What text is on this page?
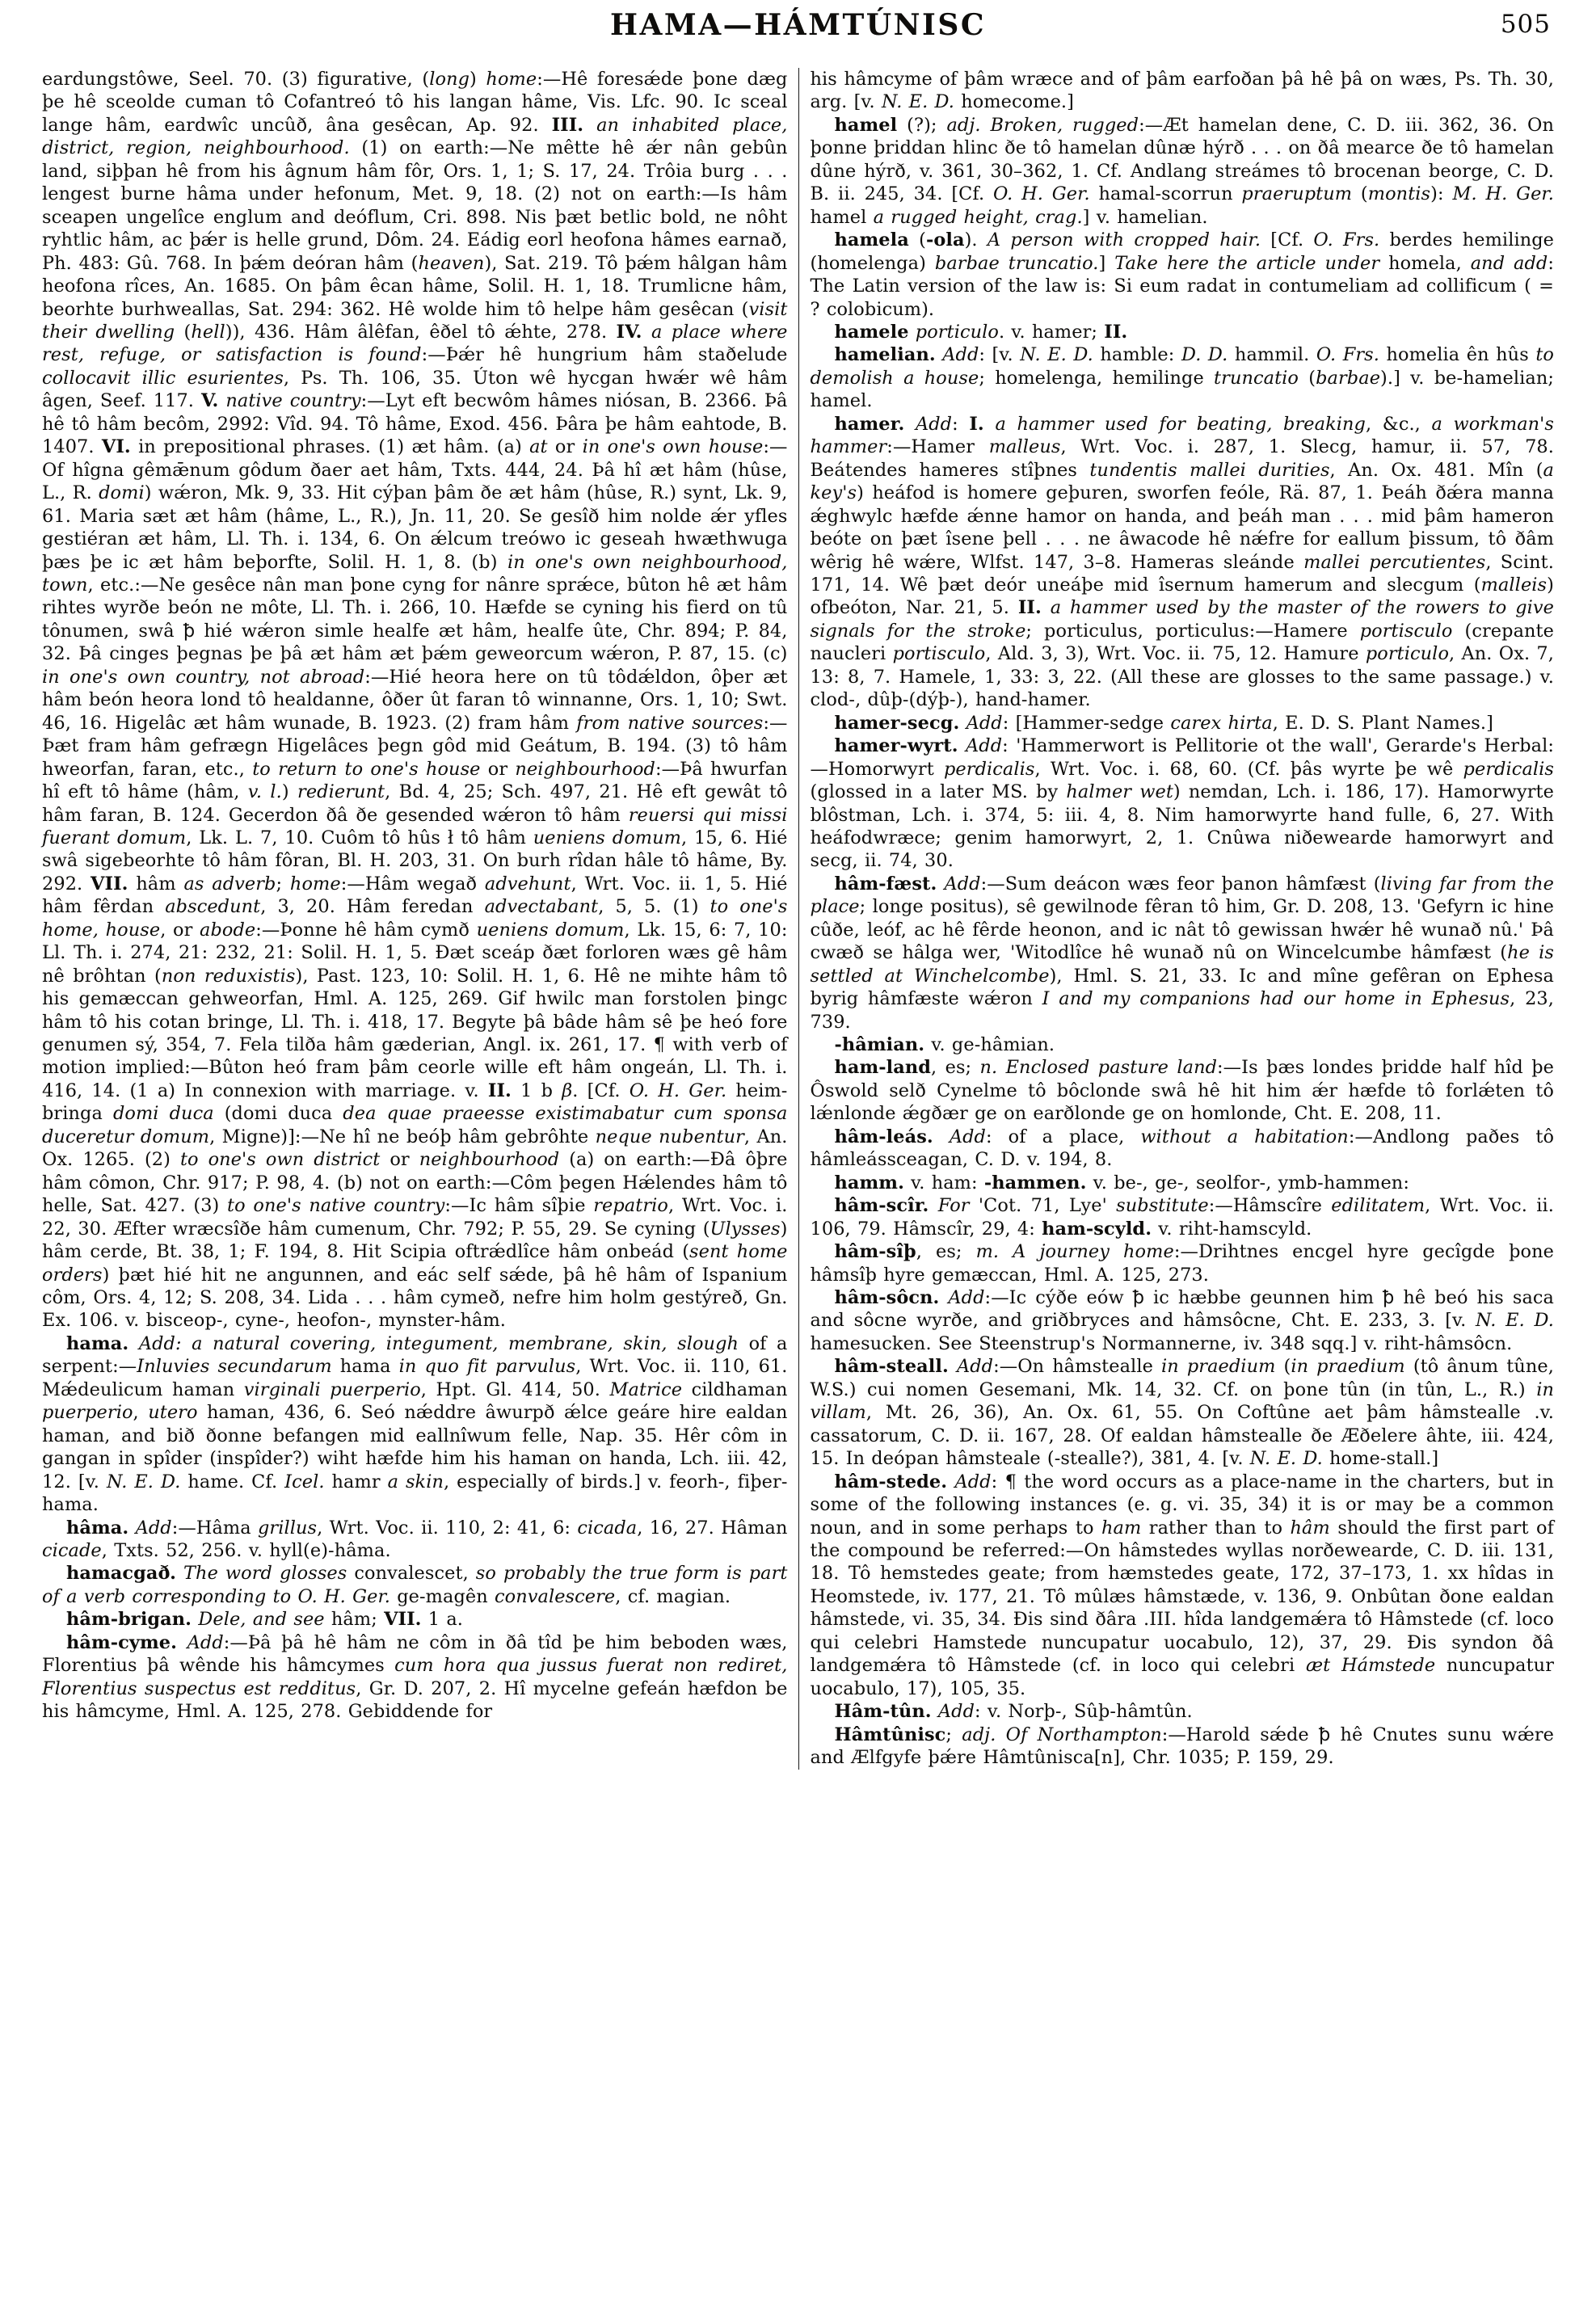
HAMA—HÁMTÚNISC	505

eardungstôwe, Seel. 70. (3) figurative, (long) home:—Hê foresǽde þone dæg þe hê sceolde cuman tô Cofantreó tô his langan hâme, Vis. Lfc. 90. Ic sceal lange hâm, eardwîc uncûð, âna gesêcan, Ap. 92. III. an inhabited place, district, region, neighbourhood. (1) on earth:—Ne mêtte hê ǽr nân gebûn land, siþþan hê from his âgnum hâm fôr, Ors. 1, 1; S. 17, 24. Trôia burg . . . lengest burne hâma under hefonum, Met. 9, 18. (2) not on earth:—Is hâm sceapen ungelîce englum and deóflum, Cri. 898. Nis þæt betlic bold, ne nôht ryhtlic hâm, ac þǽr is helle grund, Dôm. 24. Eádig eorl heofona hâmes earnað, Ph. 483: Gû. 768. In þǽm deóran hâm (heaven), Sat. 219. Tô þǽm hâlgan hâm heofona rîces, An. 1685. On þâm êcan hâme, Solil. H. 1, 18. Trumlicne hâm, beorhte burhweallas, Sat. 294: 362. Hê wolde him tô helpe hâm gesêcan (visit their dwelling (hell)), 436. Hâm âlêfan, êðel tô ǽhte, 278. IV. a place where rest, refuge, or satisfaction is found:—Þǽr hê hungrium hâm staðelude collocavit illic esurientes, Ps. Th. 106, 35. Úton wê hycgan hwǽr wê hâm âgen, Seef. 117. V. native country:—Lyt eft becwôm hâmes niósan, B. 2366. Þâ hê tô hâm becôm, 2992: Vîd. 94. Tô hâme, Exod. 456. Þâra þe hâm eahtode, B. 1407. VI. in prepositional phrases. (1) æt hâm. (a) at or in one's own house:—Of hîgna gêmǣnum gôdum ðaer aet hâm, Txts. 444, 24. Þâ hî æt hâm (hûse, L., R. domi) wǽron, Mk. 9, 33. Hit cýþan þâm ðe æt hâm (hûse, R.) synt, Lk. 9, 61. Maria sæt æt hâm (hâme, L., R.), Jn. 11, 20. Se gesîð him nolde ǽr yfles gestiéran æt hâm, Ll. Th. i. 134, 6. On ǽlcum treówo ic geseah hwæthwuga þæs þe ic æt hâm beþorfte, Solil. H. 1, 8. (b) in one's own neighbourhood, town, etc.:—Ne gesêce nân man þone cyng for nânre sprǽce, bûton hê æt hâm rihtes wyrðe beón ne môte, Ll. Th. i. 266, 10. Hæfde se cyning his fierd on tû tônumen, swâ ꝥ hié wǽron simle healfe æt hâm, healfe ûte, Chr. 894; P. 84, 32. Þâ cinges þegnas þe þâ æt hâm æt þǽm geweorcum wǽron, P. 87, 15. (c) in one's own country, not abroad:—Hié heora here on tû tôdǽldon, ôþer æt hâm beón heora lond tô healdanne, ôðer ût faran tô winnanne, Ors. 1, 10; Swt. 46, 16. Higelâc æt hâm wunade, B. 1923. (2) fram hâm from native sources:—Þæt fram hâm gefrægn Higelâces þegn gôd mid Geátum, B. 194. (3) tô hâm hweorfan, faran, etc., to return to one's house or neighbourhood:—Þâ hwurfan hî eft tô hâme (hâm, v. l.) redierunt, Bd. 4, 25; Sch. 497, 21. Hê eft gewât tô hâm faran, B. 124. Gecerdon ðâ ðe gesended wǽron tô hâm reuersi qui missi fuerant domum, Lk. L. 7, 10. Cuôm tô hûs ł tô hâm ueniens domum, 15, 6. Hié swâ sigebeorhte tô hâm fôran, Bl. H. 203, 31. On burh rîdan hâle tô hâme, By. 292. VII. hâm as adverb; home:—Hâm wegað advehunt, Wrt. Voc. ii. 1, 5. Hié hâm fêrdan abscedunt, 3, 20. Hâm feredan advectabant, 5, 5. (1) to one's home, house, or abode:—Þonne hê hâm cymð ueniens domum, Lk. 15, 6: 7, 10: Ll. Th. i. 274, 21: 232, 21: Solil. H. 1, 5. Ðæt sceáp ðæt forloren wæs gê hâm nê brôhtan (non reduxistis), Past. 123, 10: Solil. H. 1, 6. Hê ne mihte hâm tô his gemæccan gehweorfan, Hml. A. 125, 269. Gif hwilc man forstolen þingc hâm tô his cotan bringe, Ll. Th. i. 418, 17. Begyte þâ bâde hâm sê þe heó fore genumen sý, 354, 7. Fela tilða hâm gæderian, Angl. ix. 261, 17. ¶ with verb of motion implied:—Bûton heó fram þâm ceorle wille eft hâm ongeán, Ll. Th. i. 416, 14. (1 a) In connexion with marriage. v. II. 1 b β. [Cf. O. H. Ger. heim-bringa domi duca (domi duca dea quae praeesse existimabatur cum sponsa duceretur domum, Migne)]:—Ne hî ne beóþ hâm gebrôhte neque nubentur, An. Ox. 1265. (2) to one's own district or neighbourhood (a) on earth:—Ðâ ôþre hâm cômon, Chr. 917; P. 98, 4. (b) not on earth:—Côm þegen Hǽlendes hâm tô helle, Sat. 427. (3) to one's native country:—Ic hâm sîþie repatrio, Wrt. Voc. i. 22, 30. Æfter wræcsîðe hâm cumenum, Chr. 792; P. 55, 29. Se cyning (Ulysses) hâm cerde, Bt. 38, 1; F. 194, 8. Hit Scipia oftrǽdlîce hâm onbeád (sent home orders) þæt hié hit ne angunnen, and eác self sǽde, þâ hê hâm of Ispanium côm, Ors. 4, 12; S. 208, 34. Lida . . . hâm cymeð, nefre him holm gestýreð, Gn. Ex. 106. v. bisceop-, cyne-, heofon-, mynster-hâm.

hama. Add: a natural covering, integument, membrane, skin, slough of a serpent:—Inluvies secundarum hama in quo fit parvulus, Wrt. Voc. ii. 110, 61. Mǽdeulicum haman virginali puerperio, Hpt. Gl. 414, 50. Matrice cildhaman puerperio, utero haman, 436, 6. Seó nǽddre âwurpð ǽlce geáre hire ealdan haman, and bið ðonne befangen mid eallnîwum felle, Nap. 35. Hêr côm in gangan in spîder (inspîder?) wiht hæfde him his haman on handa, Lch. iii. 42, 12. [v. N. E. D. hame. Cf. Icel. hamr a skin, especially of birds.] v. feorh-, fiþer-hama.

hâma. Add:—Hâma grillus, Wrt. Voc. ii. 110, 2: 41, 6: cicada, 16, 27. Hâman cicade, Txts. 52, 256. v. hyll(e)-hâma.

hamacgað. The word glosses convalescet, so probably the true form is part of a verb corresponding to O. H. Ger. ge-magên convalescere, cf. magian.

hâm-brigan. Dele, and see hâm; VII. 1 a.

hâm-cyme. Add:—Þâ þâ hê hâm ne côm in ðâ tîd þe him beboden wæs, Florentius þâ wênde his hâmcymes cum hora qua jussus fuerat non rediret, Florentius suspectus est redditus, Gr. D. 207, 2. Hî mycelne gefeán hæfdon be his hâmcyme, Hml. A. 125, 278. Gebiddende for

his hâmcyme of þâm wræce and of þâm earfoðan þâ hê þâ on wæs, Ps. Th. 30, arg. [v. N. E. D. homecome.]

hamel (?); adj. Broken, rugged:—Æt hamelan dene, C. D. iii. 362, 36. On þonne þriddan hlinc ðe tô hamelan dûnæ hýrð . . . on ðâ mearce ðe tô hamelan dûne hýrð, v. 361, 30–362, 1. Cf. Andlang streámes tô brocenan beorge, C. D. B. ii. 245, 34. [Cf. O. H. Ger. hamal-scorrun praeruptum (montis): M. H. Ger. hamel a rugged height, crag.] v. hamelian.

hamela (-ola). A person with cropped hair. [Cf. O. Frs. berdes hemilinge (homelenga) barbae truncatio.] Take here the article under homela, and add: The Latin version of the law is: Si eum radat in contumeliam ad collificum ( = ? colobicum).

hamele porticulo. v. hamer; II.

hamelian. Add: [v. N. E. D. hamble: D. D. hammil. O. Frs. homelia ên hûs to demolish a house; homelenga, hemilinge truncatio (barbae).] v. be-hamelian; hamel.

hamer. Add: I. a hammer used for beating, breaking, &c., a workman's hammer:—Hamer malleus, Wrt. Voc. i. 287, 1. Slecg, hamur, ii. 57, 78. Beátendes hameres stîþnes tundentis mallei durities, An. Ox. 481. Mîn (a key's) heáfod is homere geþuren, sworfen feóle, Rä. 87, 1. Þeáh ðǽra manna ǽghwylc hæfde ǽnne hamor on handa, and þeáh man . . . mid þâm hameron beóte on þæt îsene þell . . . ne âwacode hê nǽfre for eallum þissum, tô ðâm wêrig hê wǽre, Wlfst. 147, 3–8. Hameras sleánde mallei percutientes, Scint. 171, 14. Wê þæt deór uneáþe mid îsernum hamerum and slecgum (malleis) ofbeóton, Nar. 21, 5. II. a hammer used by the master of the rowers to give signals for the stroke; porticulus, porticulus:—Hamere portisculo (crepante naucleri portisculo, Ald. 3, 3), Wrt. Voc. ii. 75, 12. Hamure porticulo, An. Ox. 7, 13: 8, 7. Hamele, 1, 33: 3, 22. (All these are glosses to the same passage.) v. clod-, dûþ-(dýþ-), hand-hamer.

hamer-secg. Add: [Hammer-sedge carex hirta, E. D. S. Plant Names.]

hamer-wyrt. Add: 'Hammerwort is Pellitorie ot the wall', Gerarde's Herbal:—Homorwyrt perdicalis, Wrt. Voc. i. 68, 60. (Cf. þâs wyrte þe wê perdicalis (glossed in a later MS. by halmer wet) nemdan, Lch. i. 186, 17). Hamorwyrte blôstman, Lch. i. 374, 5: iii. 4, 8. Nim hamorwyrte hand fulle, 6, 27. With heáfodwræce; genim hamorwyrt, 2, 1. Cnûwa niðewearde hamorwyrt and secg, ii. 74, 30.

hâm-fæst. Add:—Sum deácon wæs feor þanon hâmfæst (living far from the place; longe positus), sê gewilnode fêran tô him, Gr. D. 208, 13. 'Gefyrn ic hine cûðe, leóf, ac hê fêrde heonon, and ic nât tô gewissan hwǽr hê wunað nû.' Þâ cwæð se hâlga wer, 'Witodlîce hê wunað nû on Wincelcumbe hâmfæst (he is settled at Winchelcombe), Hml. S. 21, 33. Ic and mîne gefêran on Ephesa byrig hâmfæste wǽron I and my companions had our home in Ephesus, 23, 739.

-hâmian. v. ge-hâmian.

ham-land, es; n. Enclosed pasture land:—Is þæs londes þridde half hîd þe Ôswold selð Cynelme tô bôclonde swâ hê hit him ǽr hæfde tô forlǽten tô lǽnlonde ǽgðær ge on earðlonde ge on homlonde, Cht. E. 208, 11.

hâm-leás. Add: of a place, without a habitation:—Andlong paðes tô hâmleássceagan, C. D. v. 194, 8.

hamm. v. ham: -hammen. v. be-, ge-, seolfor-, ymb-hammen:

hâm-scîr. For 'Cot. 71, Lye' substitute:—Hâmscîre edilitatem, Wrt. Voc. ii. 106, 79. Hâmscîr, 29, 4: ham-scyld. v. riht-hamscyld.

hâm-sîþ, es; m. A journey home:—Drihtnes encgel hyre gecîgde þone hâmsîþ hyre gemæccan, Hml. A. 125, 273.

hâm-sôcn. Add:—Ic cýðe eów ꝥ ic hæbbe geunnen him ꝥ hê beó his saca and sôcne wyrðe, and griðbryces and hâmsôcne, Cht. E. 233, 3. [v. N. E. D. hamesucken. See Steenstrup's Normannerne, iv. 348 sqq.] v. riht-hâmsôcn.

hâm-steall. Add:—On hâmstealle in praedium (in praedium (tô ânum tûne, W.S.) cui nomen Gesemani, Mk. 14, 32. Cf. on þone tûn (in tûn, L., R.) in villam, Mt. 26, 36), An. Ox. 61, 55. On Coftûne aet þâm hâmstealle .v. cassatorum, C. D. ii. 167, 28. Of ealdan hâmstealle ðe Æðelere âhte, iii. 424, 15. In deópan hâmsteale (-stealle?), 381, 4. [v. N. E. D. home-stall.]

hâm-stede. Add: ¶ the word occurs as a place-name in the charters, but in some of the following instances (e. g. vi. 35, 34) it is or may be a common noun, and in some perhaps to ham rather than to hâm should the first part of the compound be referred:—On hâmstedes wyllas norðewearde, C. D. iii. 131, 18. Tô hemstedes geate; from hæmstedes geate, 172, 37–173, 1. xx hîdas in Heomstede, iv. 177, 21. Tô mûlæs hâmstæde, v. 136, 9. Onbûtan ðone ealdan hâmstede, vi. 35, 34. Ðis sind ðâra .III. hîda landgemǽra tô Hâmstede (cf. loco qui celebri Hamstede nuncupatur uocabulo, 12), 37, 29. Ðis syndon ðâ landgemǽra tô Hâmstede (cf. in loco qui celebri æt Hámstede nuncupatur uocabulo, 17), 105, 35.

Hâm-tûn. Add: v. Norþ-, Sûþ-hâmtûn.

Hâmtûnisc; adj. Of Northampton:—Harold sǽde ꝥ hê Cnutes sunu wǽre and Ælfgyfe þǽre Hâmtûnisca[n], Chr. 1035; P. 159, 29.
